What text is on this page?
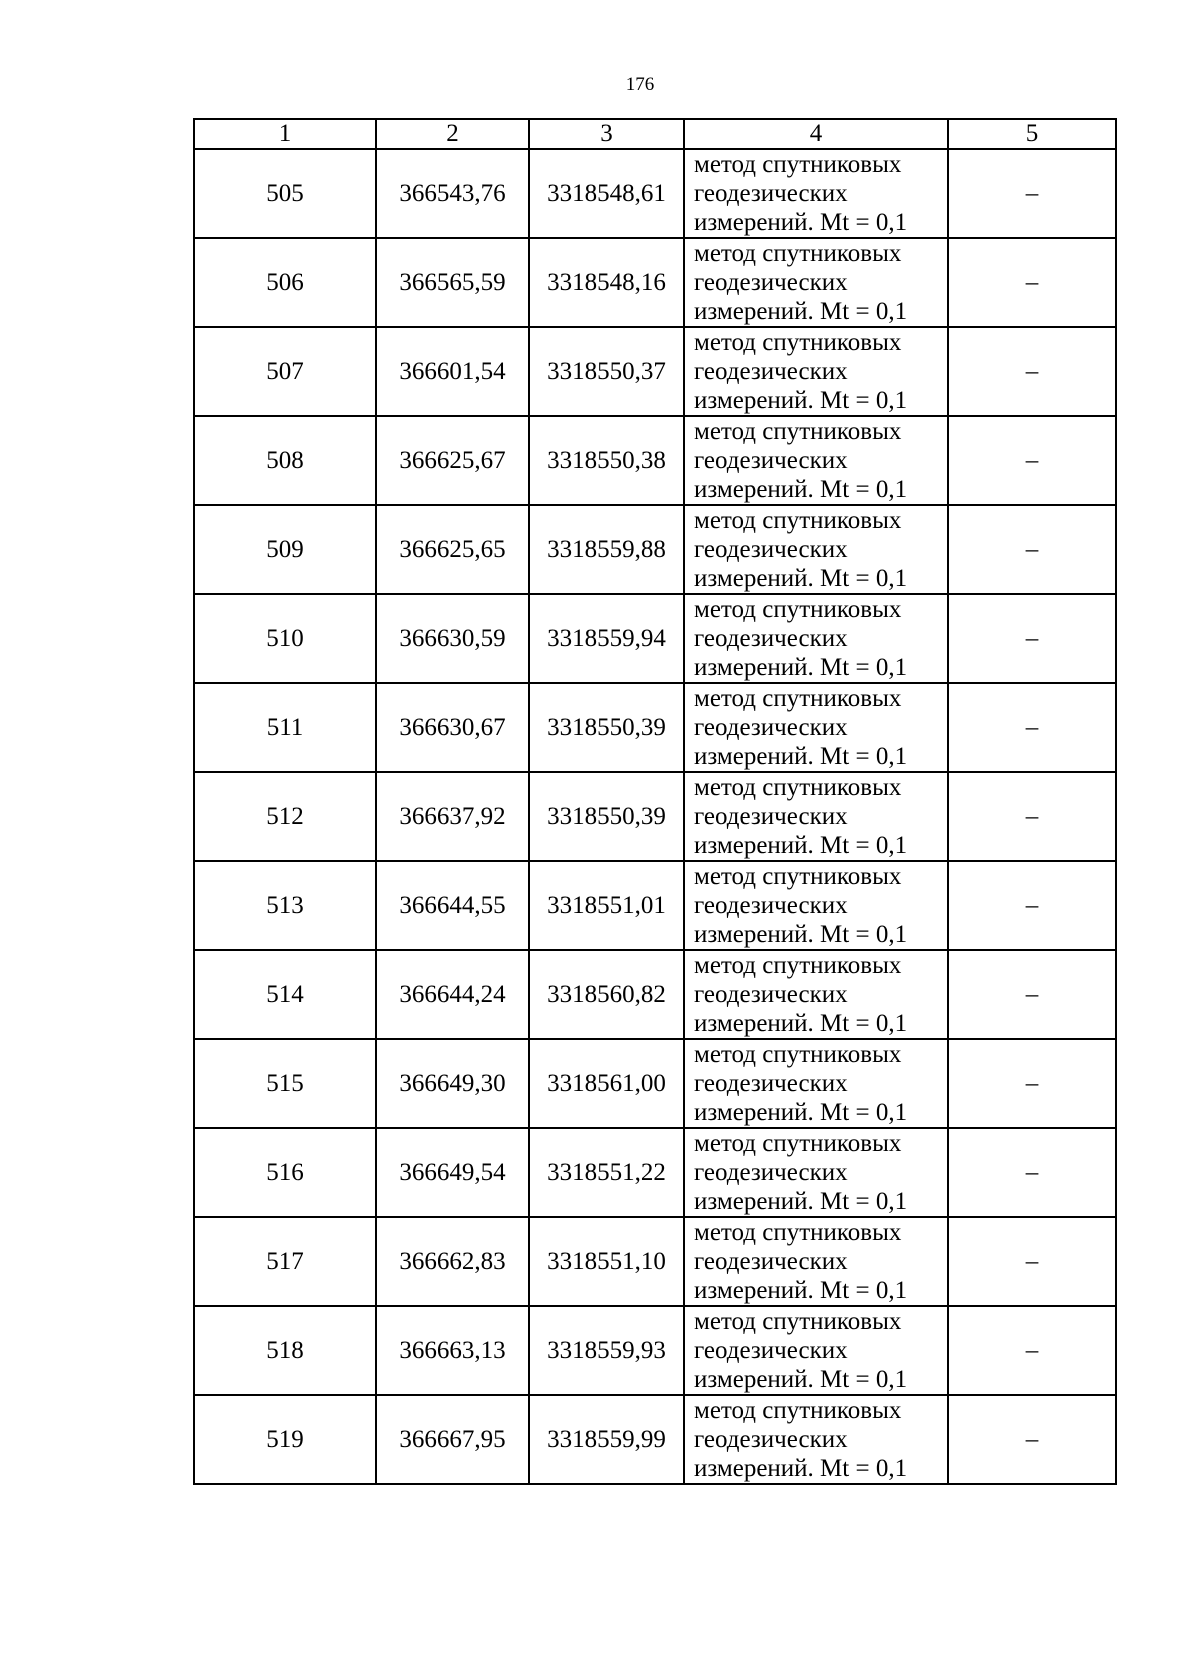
176
1	2	3	4	5
505	366543,76	3318548,61	метод спутниковых
геодезических
измерений. Mt = 0,1	–
506	366565,59	3318548,16	метод спутниковых
геодезических
измерений. Mt = 0,1	–
507	366601,54	3318550,37	метод спутниковых
геодезических
измерений. Mt = 0,1	–
508	366625,67	3318550,38	метод спутниковых
геодезических
измерений. Mt = 0,1	–
509	366625,65	3318559,88	метод спутниковых
геодезических
измерений. Mt = 0,1	–
510	366630,59	3318559,94	метод спутниковых
геодезических
измерений. Mt = 0,1	–
511	366630,67	3318550,39	метод спутниковых
геодезических
измерений. Mt = 0,1	–
512	366637,92	3318550,39	метод спутниковых
геодезических
измерений. Mt = 0,1	–
513	366644,55	3318551,01	метод спутниковых
геодезических
измерений. Mt = 0,1	–
514	366644,24	3318560,82	метод спутниковых
геодезических
измерений. Mt = 0,1	–
515	366649,30	3318561,00	метод спутниковых
геодезических
измерений. Mt = 0,1	–
516	366649,54	3318551,22	метод спутниковых
геодезических
измерений. Mt = 0,1	–
517	366662,83	3318551,10	метод спутниковых
геодезических
измерений. Mt = 0,1	–
518	366663,13	3318559,93	метод спутниковых
геодезических
измерений. Mt = 0,1	–
519	366667,95	3318559,99	метод спутниковых
геодезических
измерений. Mt = 0,1	–
